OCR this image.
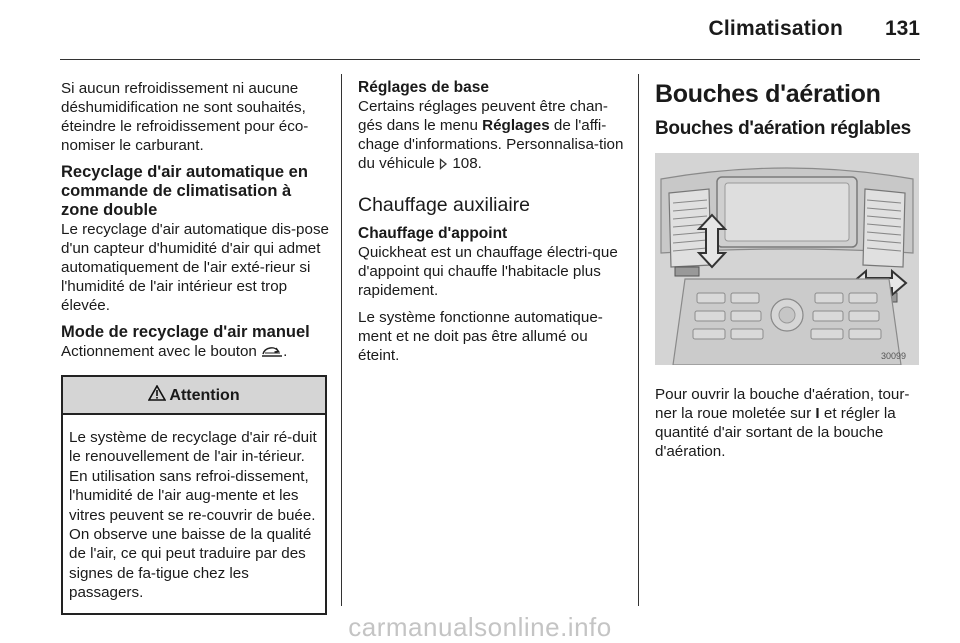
Climatisation 131

Si aucun refroidissement ni aucune déshumidification ne sont souhaités, éteindre le refroidissement pour éco-nomiser le carburant.

Recyclage d'air automatique en commande de climatisation à zone double

Le recyclage d'air automatique dis-pose d'un capteur d'humidité d'air qui admet automatiquement de l'air exté-rieur si l'humidité de l'air intérieur est trop élevée.

Mode de recyclage d'air manuel

Actionnement avec le bouton .

Attention
Le système de recyclage d'air ré-duit le renouvellement de l'air in-térieur. En utilisation sans refroi-dissement, l'humidité de l'air aug-mente et les vitres peuvent se re-couvrir de buée. On observe une baisse de la qualité de l'air, ce qui peut traduire par des signes de fa-tigue chez les passagers.
Réglages de base

Certains réglages peuvent être chan-gés dans le menu Réglages de l'affi-chage d'informations. Personnalisa-tion du véhicule 108.

Chauffage auxiliaire
Chauffage d'appoint

Quickheat est un chauffage électri-que d'appoint qui chauffe l'habitacle plus rapidement.

Le système fonctionne automatique-ment et ne doit pas être allumé ou éteint.

Bouches d'aération
Bouches d'aération réglables
30099

Pour ouvrir la bouche d'aération, tour-ner la roue moletée sur I et régler la quantité d'air sortant de la bouche d'aération.

carmanualsonline.info
